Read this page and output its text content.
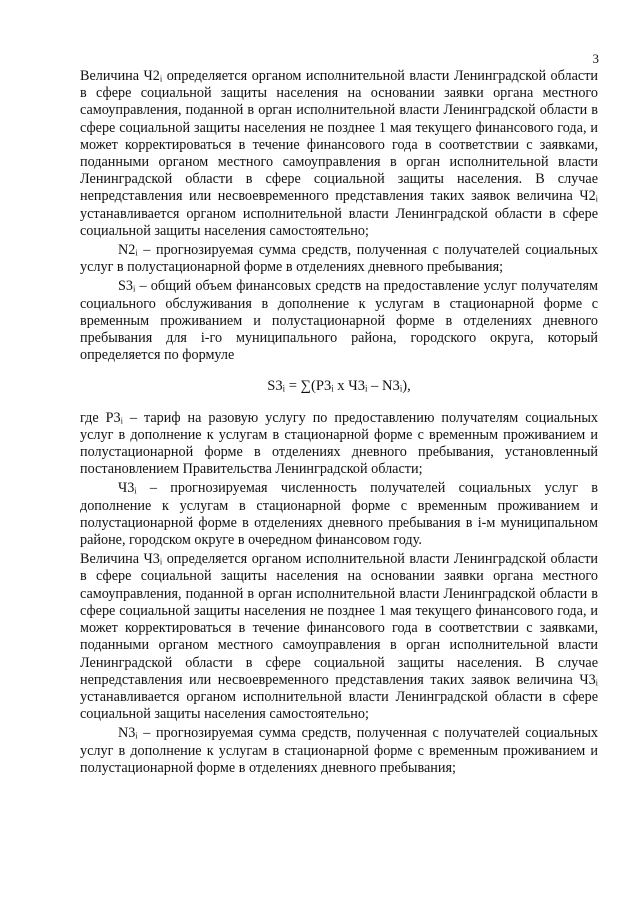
3

Величина Ч2ᵢ определяется органом исполнительной власти Ленинградской области в сфере социальной защиты населения на основании заявки органа местного самоуправления, поданной в орган исполнительной власти Ленинградской области в сфере социальной защиты населения не позднее 1 мая текущего финансового года, и может корректироваться в течение финансового года в соответствии с заявками, поданными органом местного самоуправления в орган исполнительной власти Ленинградской области в сфере социальной защиты населения. В случае непредставления или несвоевременного представления таких заявок величина Ч2ᵢ устанавливается органом исполнительной власти Ленинградской области в сфере социальной защиты населения самостоятельно;

N2ᵢ – прогнозируемая сумма средств, полученная с получателей социальных услуг в полустационарной форме в отделениях дневного пребывания;

S3ᵢ – общий объем финансовых средств на предоставление услуг получателям социального обслуживания в дополнение к услугам в стационарной форме с временным проживанием и полустационарной форме в отделениях дневного пребывания для i-го муниципального района, городского округа, который определяется по формуле

S3ᵢ = ∑(Р3ᵢ х Ч3ᵢ – N3ᵢ),

где Р3ᵢ – тариф на разовую услугу по предоставлению получателям социальных услуг в дополнение к услугам в стационарной форме с временным проживанием и полустационарной форме в отделениях дневного пребывания, установленный постановлением Правительства Ленинградской области;

Ч3ᵢ – прогнозируемая численность получателей социальных услуг в дополнение к услугам в стационарной форме с временным проживанием и полустационарной форме в отделениях дневного пребывания в i-м муниципальном районе, городском округе в очередном финансовом году.

Величина Ч3ᵢ определяется органом исполнительной власти Ленинградской области в сфере социальной защиты населения на основании заявки органа местного самоуправления, поданной в орган исполнительной власти Ленинградской области в сфере социальной защиты населения не позднее 1 мая текущего финансового года, и может корректироваться в течение финансового года в соответствии с заявками, поданными органом местного самоуправления в орган исполнительной власти Ленинградской области в сфере социальной защиты населения. В случае непредставления или несвоевременного представления таких заявок величина Ч3ᵢ устанавливается органом исполнительной власти Ленинградской области в сфере социальной защиты населения самостоятельно;

N3ᵢ – прогнозируемая сумма средств, полученная с получателей социальных услуг в дополнение к услугам в стационарной форме с временным проживанием и полустационарной форме в отделениях дневного пребывания;
